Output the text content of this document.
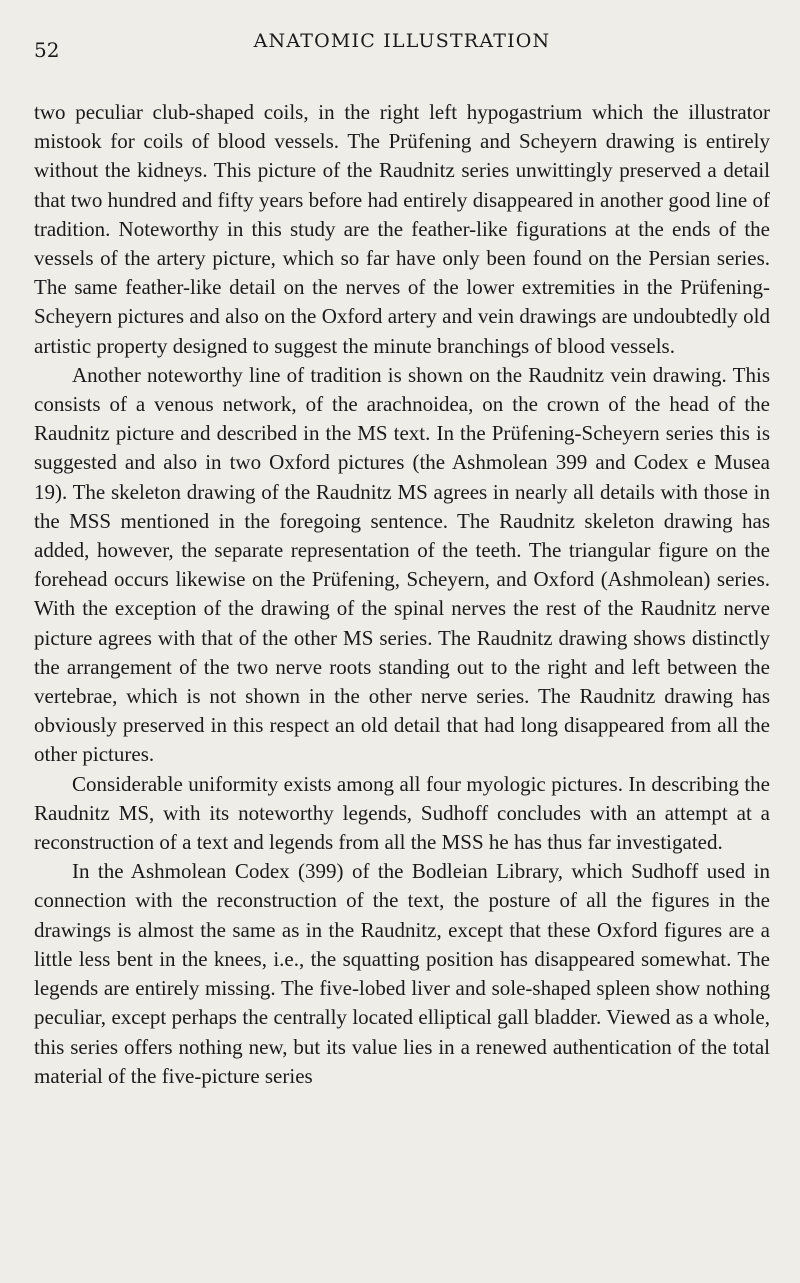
52	ANATOMIC ILLUSTRATION

two peculiar club-shaped coils, in the right left hypogastrium which the illustrator mistook for coils of blood vessels. The Prüfening and Scheyern drawing is entirely without the kidneys. This picture of the Raudnitz series unwittingly preserved a detail that two hundred and fifty years before had entirely disappeared in another good line of tradition. Noteworthy in this study are the feather-like figurations at the ends of the vessels of the artery picture, which so far have only been found on the Persian series. The same feather-like detail on the nerves of the lower extremities in the Prüfening-Scheyern pictures and also on the Oxford artery and vein drawings are undoubtedly old artistic property designed to suggest the minute branchings of blood vessels.

Another noteworthy line of tradition is shown on the Raudnitz vein drawing. This consists of a venous network, of the arachnoidea, on the crown of the head of the Raudnitz picture and described in the MS text. In the Prüfening-Scheyern series this is suggested and also in two Oxford pictures (the Ashmolean 399 and Codex e Musea 19). The skeleton drawing of the Raudnitz MS agrees in nearly all details with those in the MSS mentioned in the foregoing sentence. The Raudnitz skeleton drawing has added, however, the separate representation of the teeth. The triangular figure on the forehead occurs likewise on the Prüfening, Scheyern, and Oxford (Ashmolean) series. With the exception of the drawing of the spinal nerves the rest of the Raudnitz nerve picture agrees with that of the other MS series. The Raudnitz drawing shows distinctly the arrangement of the two nerve roots standing out to the right and left between the vertebrae, which is not shown in the other nerve series. The Raudnitz drawing has obviously preserved in this respect an old detail that had long disappeared from all the other pictures.

Considerable uniformity exists among all four myologic pictures. In describing the Raudnitz MS, with its noteworthy legends, Sudhoff concludes with an attempt at a reconstruction of a text and legends from all the MSS he has thus far investigated.

In the Ashmolean Codex (399) of the Bodleian Library, which Sudhoff used in connection with the reconstruction of the text, the posture of all the figures in the drawings is almost the same as in the Raudnitz, except that these Oxford figures are a little less bent in the knees, i.e., the squatting position has disappeared somewhat. The legends are entirely missing. The five-lobed liver and sole-shaped spleen show nothing peculiar, except perhaps the centrally located elliptical gall bladder. Viewed as a whole, this series offers nothing new, but its value lies in a renewed authentication of the total material of the five-picture series
